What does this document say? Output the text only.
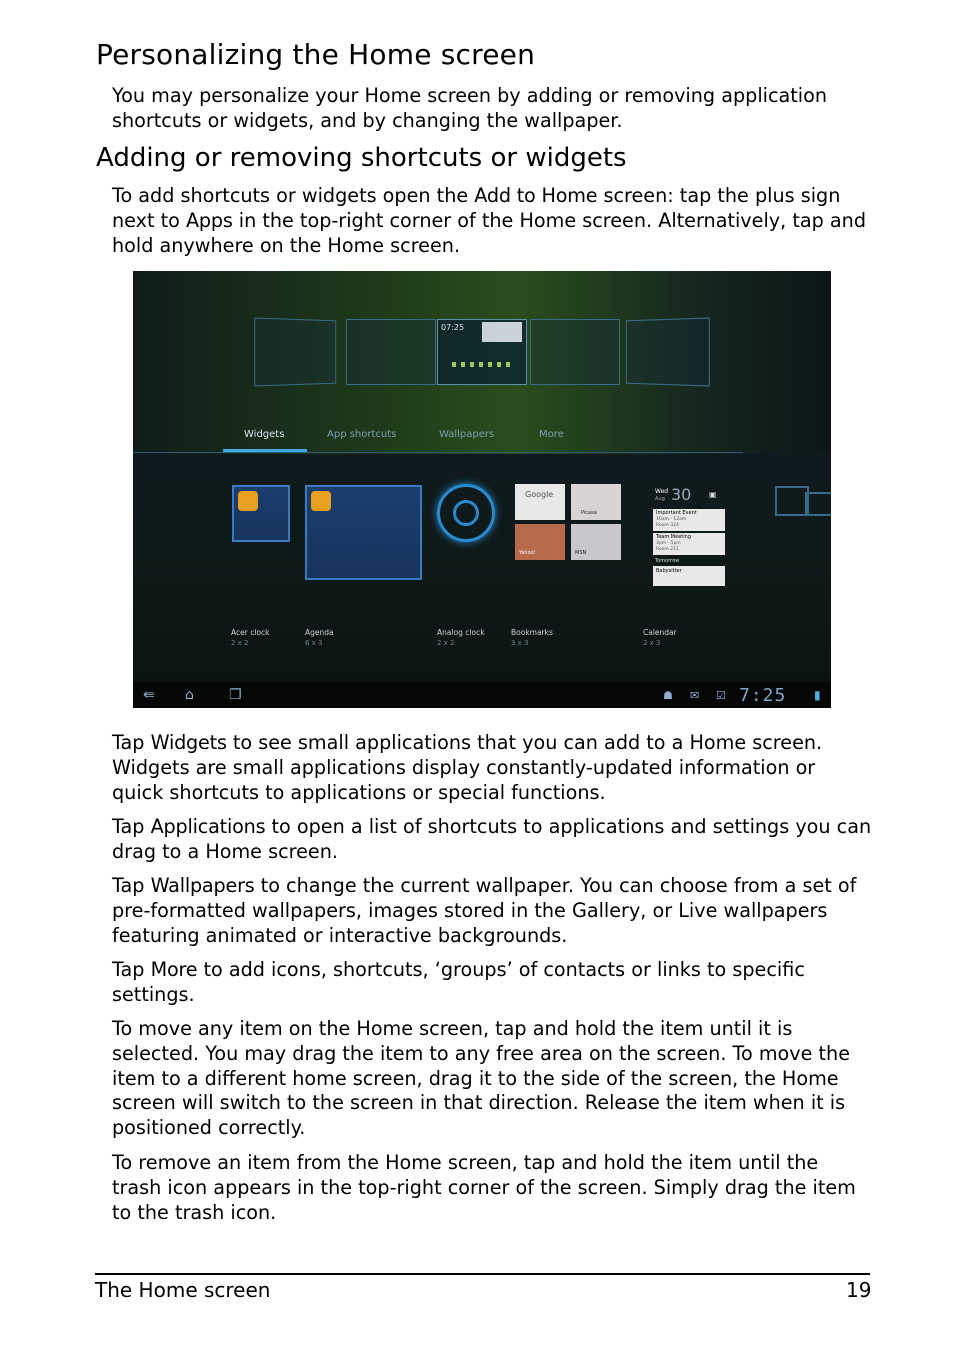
Personalizing the Home screen

You may personalize your Home screen by adding or removing application shortcuts or widgets, and by changing the wallpaper.

Adding or removing shortcuts or widgets

To add shortcuts or widgets open the Add to Home screen: tap the plus sign next to Apps in the top-right corner of the Home screen. Alternatively, tap and hold anywhere on the Home screen.

07:25
Widgets	App shortcuts	Wallpapers	More
Google
Picasa
Yahoo!	MSN
Wed
Aug 30 ▣
Important Event
10am - 12am
Room 324
Team Meeting
3pm - 5pm
Room 211
Tomorrow
Babysitter
Acer clock
2 x 2
Agenda
6 x 3
Analog clock
2 x 2
Bookmarks
3 x 3
Calendar
2 x 3
⇚ ⌂	❐	☗ ✉ ☑ 7:25 ▮

Tap Widgets to see small applications that you can add to a Home screen. Widgets are small applications display constantly-updated information or quick shortcuts to applications or special functions.

Tap Applications to open a list of shortcuts to applications and settings you can drag to a Home screen.

Tap Wallpapers to change the current wallpaper. You can choose from a set of pre-formatted wallpapers, images stored in the Gallery, or Live wallpapers featuring animated or interactive backgrounds.

Tap More to add icons, shortcuts, ‘groups’ of contacts or links to specific settings.

To move any item on the Home screen, tap and hold the item until it is selected. You may drag the item to any free area on the screen. To move the item to a different home screen, drag it to the side of the screen, the Home screen will switch to the screen in that direction. Release the item when it is positioned correctly.

To remove an item from the Home screen, tap and hold the item until the trash icon appears in the top-right corner of the screen. Simply drag the item to the trash icon.

The Home screen	19
